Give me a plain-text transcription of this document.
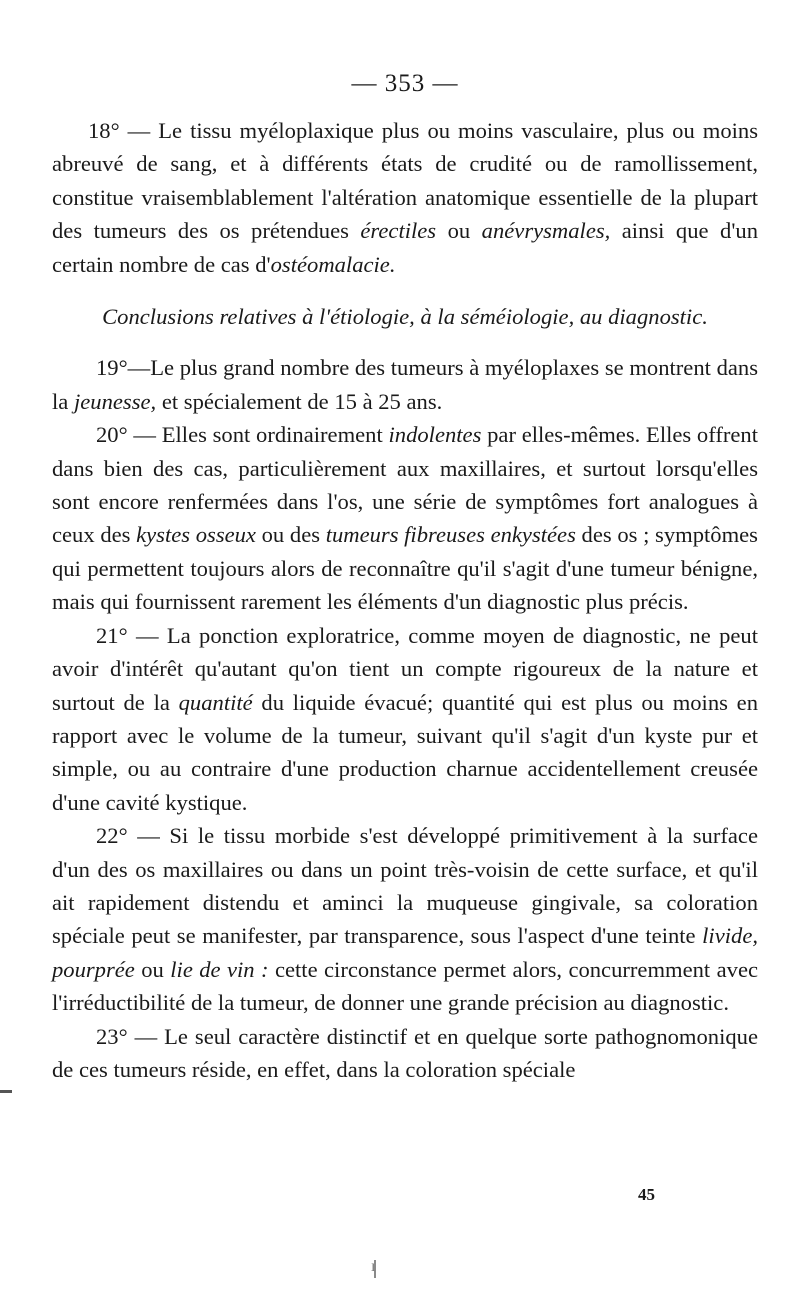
— 353 —

18° — Le tissu myéloplaxique plus ou moins vasculaire, plus ou moins abreuvé de sang, et à différents états de crudité ou de ramollissement, constitue vraisemblablement l'altération anatomique essentielle de la plupart des tumeurs des os prétendues érectiles ou anévrysmales, ainsi que d'un certain nombre de cas d'ostéomalacie.

Conclusions relatives à l'étiologie, à la séméiologie, au diagnostic.

19°—Le plus grand nombre des tumeurs à myéloplaxes se montrent dans la jeunesse, et spécialement de 15 à 25 ans.

20° — Elles sont ordinairement indolentes par elles-mêmes. Elles offrent dans bien des cas, particulièrement aux maxillaires, et surtout lorsqu'elles sont encore renfermées dans l'os, une série de symptômes fort analogues à ceux des kystes osseux ou des tumeurs fibreuses enkystées des os ; symptômes qui permettent toujours alors de reconnaître qu'il s'agit d'une tumeur bénigne, mais qui fournissent rarement les éléments d'un diagnostic plus précis.

21° — La ponction exploratrice, comme moyen de diagnostic, ne peut avoir d'intérêt qu'autant qu'on tient un compte rigoureux de la nature et surtout de la quantité du liquide évacué; quantité qui est plus ou moins en rapport avec le volume de la tumeur, suivant qu'il s'agit d'un kyste pur et simple, ou au contraire d'une production charnue accidentellement creusée d'une cavité kystique.

22° — Si le tissu morbide s'est développé primitivement à la surface d'un des os maxillaires ou dans un point très-voisin de cette surface, et qu'il ait rapidement distendu et aminci la muqueuse gingivale, sa coloration spéciale peut se manifester, par transparence, sous l'aspect d'une teinte livide, pourprée ou lie de vin : cette circonstance permet alors, concurremment avec l'irréductibilité de la tumeur, de donner une grande précision au diagnostic.

23° — Le seul caractère distinctif et en quelque sorte pathognomonique de ces tumeurs réside, en effet, dans la coloration spéciale

45
ı
